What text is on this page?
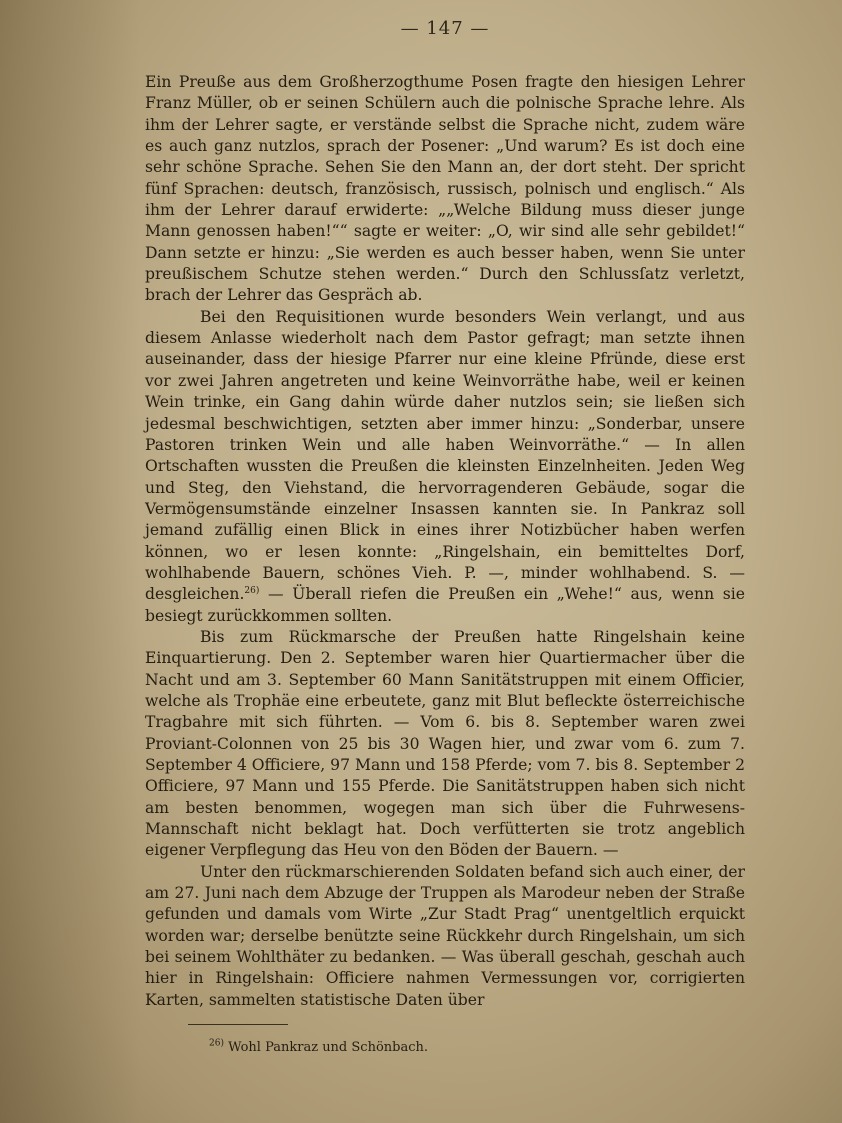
— 147 —

Ein Preuße aus dem Großherzogthume Posen fragte den hiesigen Lehrer Franz Müller, ob er seinen Schülern auch die polnische Sprache lehre. Als ihm der Lehrer sagte, er verstände selbst die Sprache nicht, zudem wäre es auch ganz nutzlos, sprach der Posener: „Und warum? Es ist doch eine sehr schöne Sprache. Sehen Sie den Mann an, der dort steht. Der spricht fünf Sprachen: deutsch, französisch, russisch, polnisch und englisch.“ Als ihm der Lehrer darauf erwiderte: „„Welche Bildung muss dieser junge Mann genossen haben!““ sagte er weiter: „O, wir sind alle sehr gebildet!“ Dann setzte er hinzu: „Sie werden es auch besser haben, wenn Sie unter preußischem Schutze stehen werden.“ Durch den Schlussſatz verletzt, brach der Lehrer das Gespräch ab.

Bei den Requisitionen wurde besonders Wein verlangt, und aus diesem Anlasse wiederholt nach dem Pastor gefragt; man setzte ihnen auseinander, dass der hiesige Pfarrer nur eine kleine Pfründe, diese erst vor zwei Jahren angetreten und keine Weinvorräthe habe, weil er keinen Wein trinke, ein Gang dahin würde daher nutzlos sein; sie ließen sich jedesmal beschwichtigen, setzten aber immer hinzu: „Sonderbar, unsere Pastoren trinken Wein und alle haben Weinvorräthe.“ — In allen Ortschaften wussten die Preußen die kleinsten Einzelnheiten. Jeden Weg und Steg, den Viehstand, die hervorragenderen Gebäude, sogar die Vermögensumstände einzelner Insassen kannten sie. In Pankraz soll jemand zufällig einen Blick in eines ihrer Notizbücher haben werfen können, wo er lesen konnte: „Ringelshain, ein bemitteltes Dorf, wohlhabende Bauern, schönes Vieh. P. —, minder wohlhabend. S. — desgleichen.$^{26)}$ — Überall riefen die Preußen ein „Wehe!“ aus, wenn sie besiegt zurückkommen sollten.

Bis zum Rückmarsche der Preußen hatte Ringelshain keine Einquartierung. Den 2. September waren hier Quartiermacher über die Nacht und am 3. September 60 Mann Sanitätstruppen mit einem Officier, welche als Trophäe eine erbeutete, ganz mit Blut befleckte österreichische Tragbahre mit sich führten. — Vom 6. bis 8. September waren zwei Proviant-Colonnen von 25 bis 30 Wagen hier, und zwar vom 6. zum 7. September 4 Officiere, 97 Mann und 158 Pferde; vom 7. bis 8. September 2 Officiere, 97 Mann und 155 Pferde. Die Sanitätstruppen haben sich nicht am besten benommen, wogegen man sich über die Fuhrwesens-Mannschaft nicht beklagt hat. Doch verfütterten sie trotz angeblich eigener Verpflegung das Heu von den Böden der Bauern. —

Unter den rückmarschierenden Soldaten befand sich auch einer, der am 27. Juni nach dem Abzuge der Truppen als Marodeur neben der Straße gefunden und damals vom Wirte „Zur Stadt Prag“ unentgeltlich erquickt worden war; derselbe benützte seine Rückkehr durch Ringelshain, um sich bei seinem Wohlthäter zu bedanken. — Was überall geschah, geschah auch hier in Ringelshain: Officiere nahmen Vermessungen vor, corrigierten Karten, sammelten statistische Daten über

$^{26)}$ Wohl Pankraz und Schönbach.
